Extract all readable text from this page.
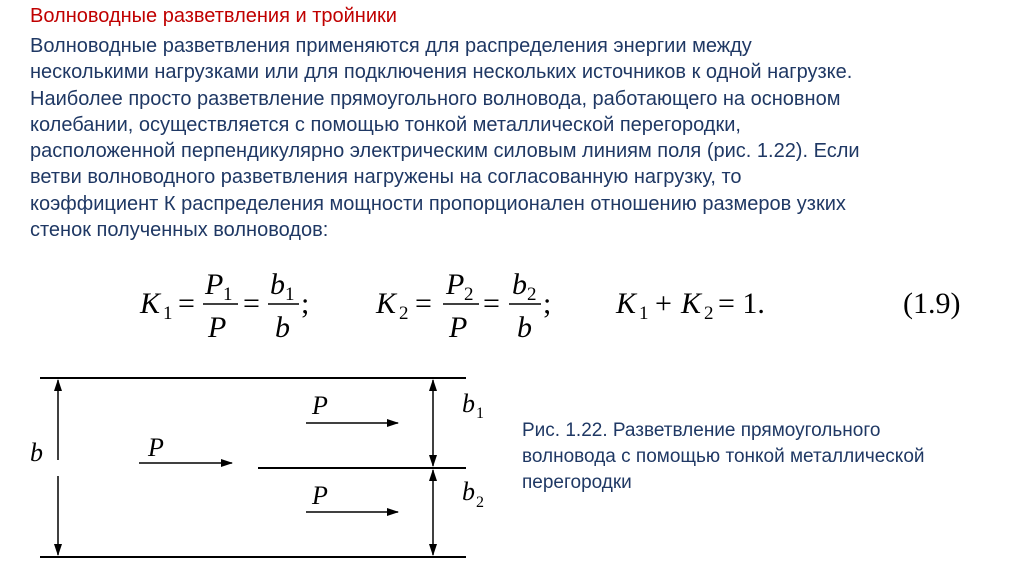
Волноводные разветвления и тройники

Волноводные разветвления применяются для распределения энергии между
несколькими нагрузками или для подключения нескольких источников к одной нагрузке.
Наиболее просто разветвление прямоугольного волновода, работающего на основном
колебании, осуществляется с помощью тонкой металлической перегородки,
расположенной перпендикулярно электрическим силовым линиям поля (рис. 1.22). Если
ветви волноводного разветвления нагружены на согласованную нагрузку, то
коэффициент К распределения мощности пропорционален отношению размеров узких
стенок полученных волноводов:

K 1 =
P 1
P
=
b 1
b
; K 2 =
P 2
P
=
b 2
b
; K 1 + K 2 = 1.	(1.9)
b	P
P
P
b 1
b 2
Рис. 1.22. Разветвление прямоугольного
волновода с помощью тонкой металлической
перегородки
